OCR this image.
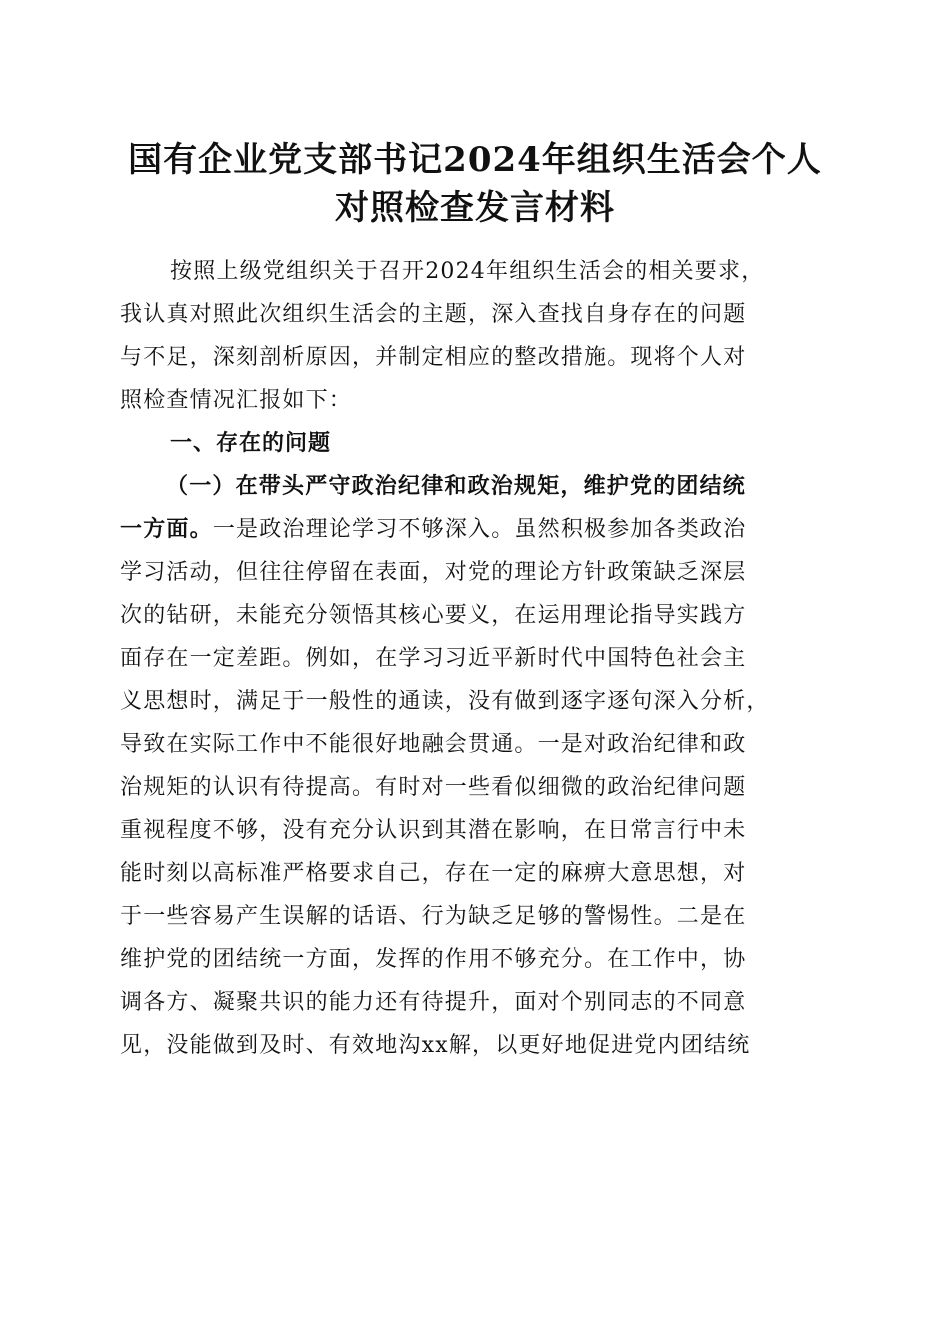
国有企业党支部书记2024年组织生活会个人
对照检查发言材料

按照上级党组织关于召开2024年组织生活会的相关要求，

我认真对照此次组织生活会的主题，深入查找自身存在的问题

与不足，深刻剖析原因，并制定相应的整改措施。现将个人对

照检查情况汇报如下：

一、存在的问题

（一）在带头严守政治纪律和政治规矩，维护党的团结统

一方面。一是政治理论学习不够深入。虽然积极参加各类政治

学习活动，但往往停留在表面，对党的理论方针政策缺乏深层

次的钻研，未能充分领悟其核心要义，在运用理论指导实践方

面存在一定差距。例如，在学习习近平新时代中国特色社会主

义思想时，满足于一般性的通读，没有做到逐字逐句深入分析，

导致在实际工作中不能很好地融会贯通。一是对政治纪律和政

治规矩的认识有待提高。有时对一些看似细微的政治纪律问题

重视程度不够，没有充分认识到其潜在影响，在日常言行中未

能时刻以高标准严格要求自己，存在一定的麻痹大意思想，对

于一些容易产生误解的话语、行为缺乏足够的警惕性。二是在

维护党的团结统一方面，发挥的作用不够充分。在工作中，协

调各方、凝聚共识的能力还有待提升，面对个别同志的不同意

见，没能做到及时、有效地沟xx解，以更好地促进党内团结统
